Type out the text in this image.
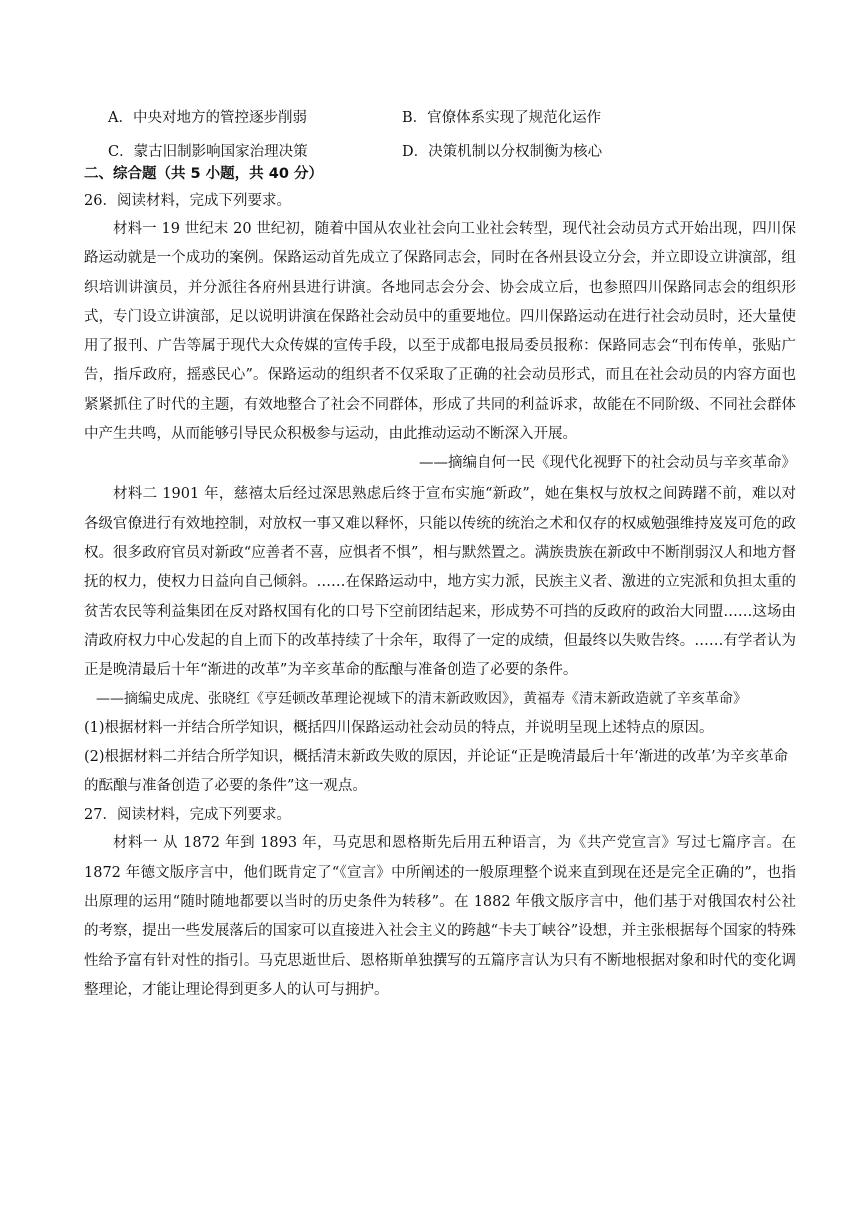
A．中央对地方的管控逐步削弱	B．官僚体系实现了规范化运作
C．蒙古旧制影响国家治理决策	D．决策机制以分权制衡为核心
二、综合题（共 5 小题，共 40 分）
26．阅读材料，完成下列要求。
材料一 19 世纪末 20 世纪初，随着中国从农业社会向工业社会转型，现代社会动员方式开始出现，四川保路运动就是一个成功的案例。保路运动首先成立了保路同志会，同时在各州县设立分会，并立即设立讲演部，组织培训讲演员，并分派往各府州县进行讲演。各地同志会分会、协会成立后，也参照四川保路同志会的组织形式，专门设立讲演部，足以说明讲演在保路社会动员中的重要地位。四川保路运动在进行社会动员时，还大量使用了报刊、广告等属于现代大众传媒的宣传手段，以至于成都电报局委员报称：保路同志会“刊布传单，张贴广告，指斥政府，摇惑民心”。保路运动的组织者不仅采取了正确的社会动员形式，而且在社会动员的内容方面也紧紧抓住了时代的主题，有效地整合了社会不同群体，形成了共同的利益诉求，故能在不同阶级、不同社会群体中产生共鸣，从而能够引导民众积极参与运动，由此推动运动不断深入开展。
——摘编自何一民《现代化视野下的社会动员与辛亥革命》
材料二 1901 年，慈禧太后经过深思熟虑后终于宣布实施“新政”，她在集权与放权之间踌躇不前，难以对各级官僚进行有效地控制，对放权一事又难以释怀，只能以传统的统治之术和仅存的权威勉强维持岌岌可危的政权。很多政府官员对新政“应善者不喜，应惧者不惧”，相与默然置之。满族贵族在新政中不断削弱汉人和地方督抚的权力，使权力日益向自己倾斜。……在保路运动中，地方实力派，民族主义者、激进的立宪派和负担太重的贫苦农民等利益集团在反对路权国有化的口号下空前团结起来，形成势不可挡的反政府的政治大同盟……这场由清政府权力中心发起的自上而下的改革持续了十余年，取得了一定的成绩，但最终以失败告终。……有学者认为正是晚清最后十年“渐进的改革”为辛亥革命的酝酿与准备创造了必要的条件。
——摘编史成虎、张晓红《亨廷顿改革理论视域下的清末新政败因》，黄福寿《清末新政造就了辛亥革命》
(1)根据材料一并结合所学知识，概括四川保路运动社会动员的特点，并说明呈现上述特点的原因。
(2)根据材料二并结合所学知识，概括清末新政失败的原因，并论证“正是晚清最后十年‘渐进的改革’为辛亥革命的酝酿与准备创造了必要的条件”这一观点。
27．阅读材料，完成下列要求。
材料一 从 1872 年到 1893 年，马克思和恩格斯先后用五种语言，为《共产党宣言》写过七篇序言。在 1872 年德文版序言中，他们既肯定了“《宣言》中所阐述的一般原理整个说来直到现在还是完全正确的”，也指出原理的运用“随时随地都要以当时的历史条件为转移”。在 1882 年俄文版序言中，他们基于对俄国农村公社的考察，提出一些发展落后的国家可以直接进入社会主义的跨越“卡夫丁峡谷”设想，并主张根据每个国家的特殊性给予富有针对性的指引。马克思逝世后、恩格斯单独撰写的五篇序言认为只有不断地根据对象和时代的变化调整理论，才能让理论得到更多人的认可与拥护。
